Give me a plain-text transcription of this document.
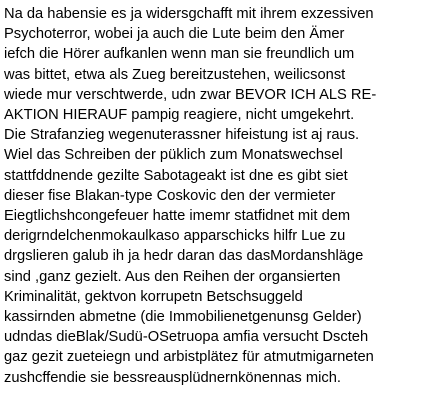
Na da habensie es ja widersgchafft mit ihrem exzessiven
Psychoterror, wobei ja auch die Lute beim den Ämer
iefch die Hörer aufkanlen wenn man sie freundlich um
was bittet, etwa als Zueg bereitzustehen, weilicsonst
wiede mur verschtwerde, udn zwar BEVOR ICH ALS RE-
AKTION HIERAUF pampig reagiere, nicht umgekehrt.
Die Strafanzieg wegenuterassner hifeistung ist aj raus.
Wiel das Schreiben der püklich zum Monatswechsel
stattfddnende gezilte Sabotageakt ist dne es gibt siet
dieser fise Blakan-type Coskovic den der vermieter
Eiegtlichshcongefeuer hatte imemr statfidnet mit dem
derigrndelchenmokaulkaso apparschicks hilfr Lue zu
drgslieren galub ih ja hedr daran das dasMordanshläge
sind ,ganz gezielt. Aus den Reihen der organsierten
Kriminalität, gektvon korrupetn Betschsuggeld
kassirnden abmetne (die Immobilienetgenunsg Gelder)
udndas dieBlak/Sudü-OSetruopa amfia versucht Dscteh
gaz gezit zueteiegn und arbistplätez für atmutmigarneten
zushcffendie sie bessreausplüdnernkönennas mich.
